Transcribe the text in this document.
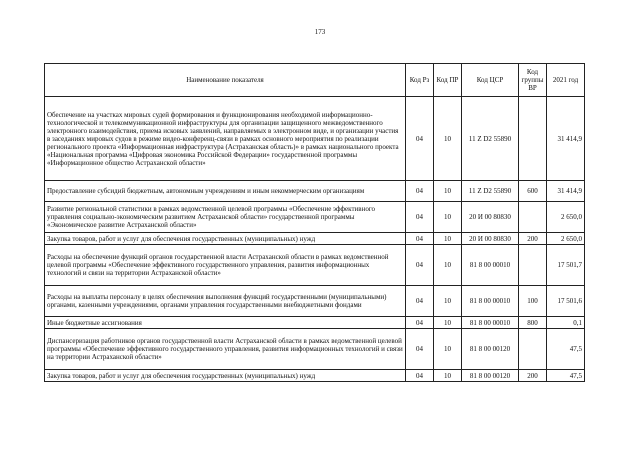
173
Наименование показателя	Код Рз	Код ПР	Код ЦСР	Код группы ВР	2021 год
Обеспечение на участках мировых судей формирования и функционирования необходимой информационно-технологической и телекоммуникационной инфраструктуры для организации защищенного межведомственного электронного взаимодействия, приема исковых заявлений, направляемых в электронном виде, и организации участия в заседаниях мировых судов в режиме видео-конференц-связи в рамках основного мероприятия по реализации регионального проекта «Информационная инфраструктура (Астраханская область)» в рамках национального проекта «Национальная программа «Цифровая экономика Российской Федерации» государственной программы «Информационное общество Астраханской области»	04	10	11 Z D2 55890		31 414,9
Предоставление субсидий бюджетным, автономным учреждениям и иным некоммерческим организациям	04	10	11 Z D2 55890	600	31 414,9
Развитие региональной статистики в рамках ведомственной целевой программы «Обеспечение эффективного управления социально-экономическим развитием Астраханской области» государственной программы «Экономическое развитие Астраханской области»	04	10	20 И 00 80830		2 650,0
Закупка товаров, работ и услуг для обеспечения государственных (муниципальных) нужд	04	10	20 И 00 80830	200	2 650,0
Расходы на обеспечение функций органов государственной власти Астраханской области в рамках ведомственной целевой программы «Обеспечение эффективного государственного управления, развития информационных технологий и связи на территории Астраханской области»	04	10	81 8 00 00010		17 501,7
Расходы на выплаты персоналу в целях обеспечения выполнения функций государственными (муниципальными) органами, казенными учреждениями, органами управления государственными внебюджетными фондами	04	10	81 8 00 00010	100	17 501,6
Иные бюджетные ассигнования	04	10	81 8 00 00010	800	0,1
Диспансеризация работников органов государственной власти Астраханской области в рамках ведомственной целевой программы «Обеспечение эффективного государственного управления, развития информационных технологий и связи на территории Астраханской области»	04	10	81 8 00 00120		47,5
Закупка товаров, работ и услуг для обеспечения государственных (муниципальных) нужд	04	10	81 8 00 00120	200	47,5
